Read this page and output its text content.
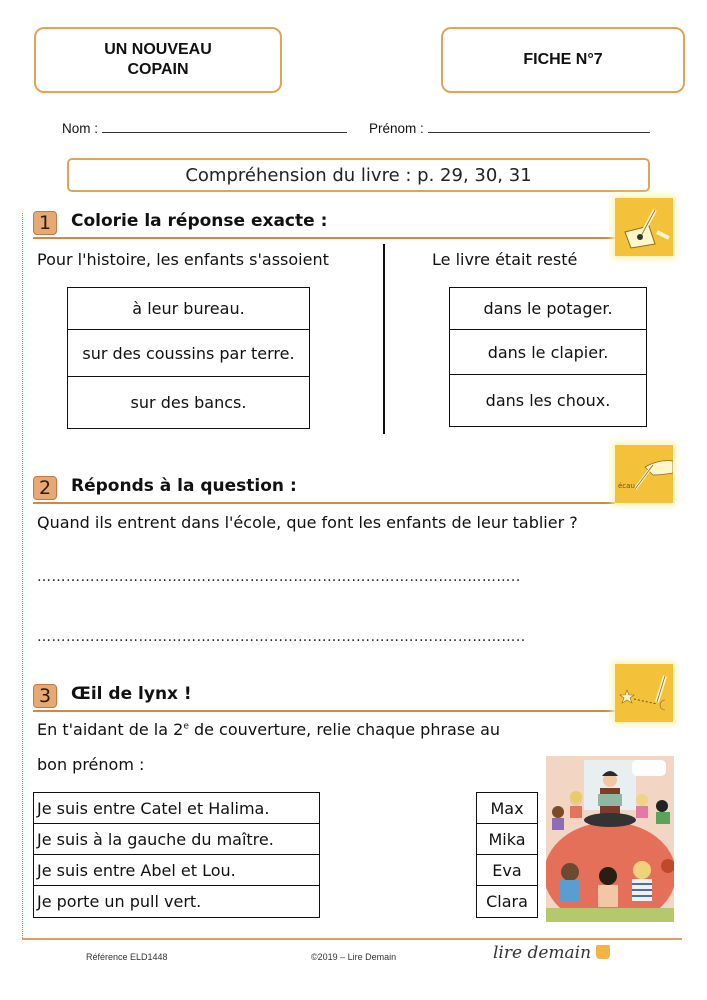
UN NOUVEAU
COPAIN
FICHE N°7
Nom :	Prénom :
Compréhension du livre : p. 29, 30, 31
1	Colorie la réponse exacte :
Pour l'histoire, les enfants s'assoient	Le livre était resté
à leur bureau.
sur des coussins par terre.
sur des bancs.
dans le potager.
dans le clapier.
dans les choux.
2	Réponds à la question :	écau
Quand ils entrent dans l'école, que font les enfants de leur tablier ?
…………………………..…………………………………………………………..
…………………………………………………………………….……..…………..
3	Œil de lynx !
En t'aidant de la 2e de couverture, relie chaque phrase au
bon prénom :
Je suis entre Catel et Halima.
Je suis à la gauche du maître.
Je suis entre Abel et Lou.
Je porte un pull vert.
Max
Mika
Eva
Clara
Référence ELD1448	©2019 – Lire Demain	lire demain
